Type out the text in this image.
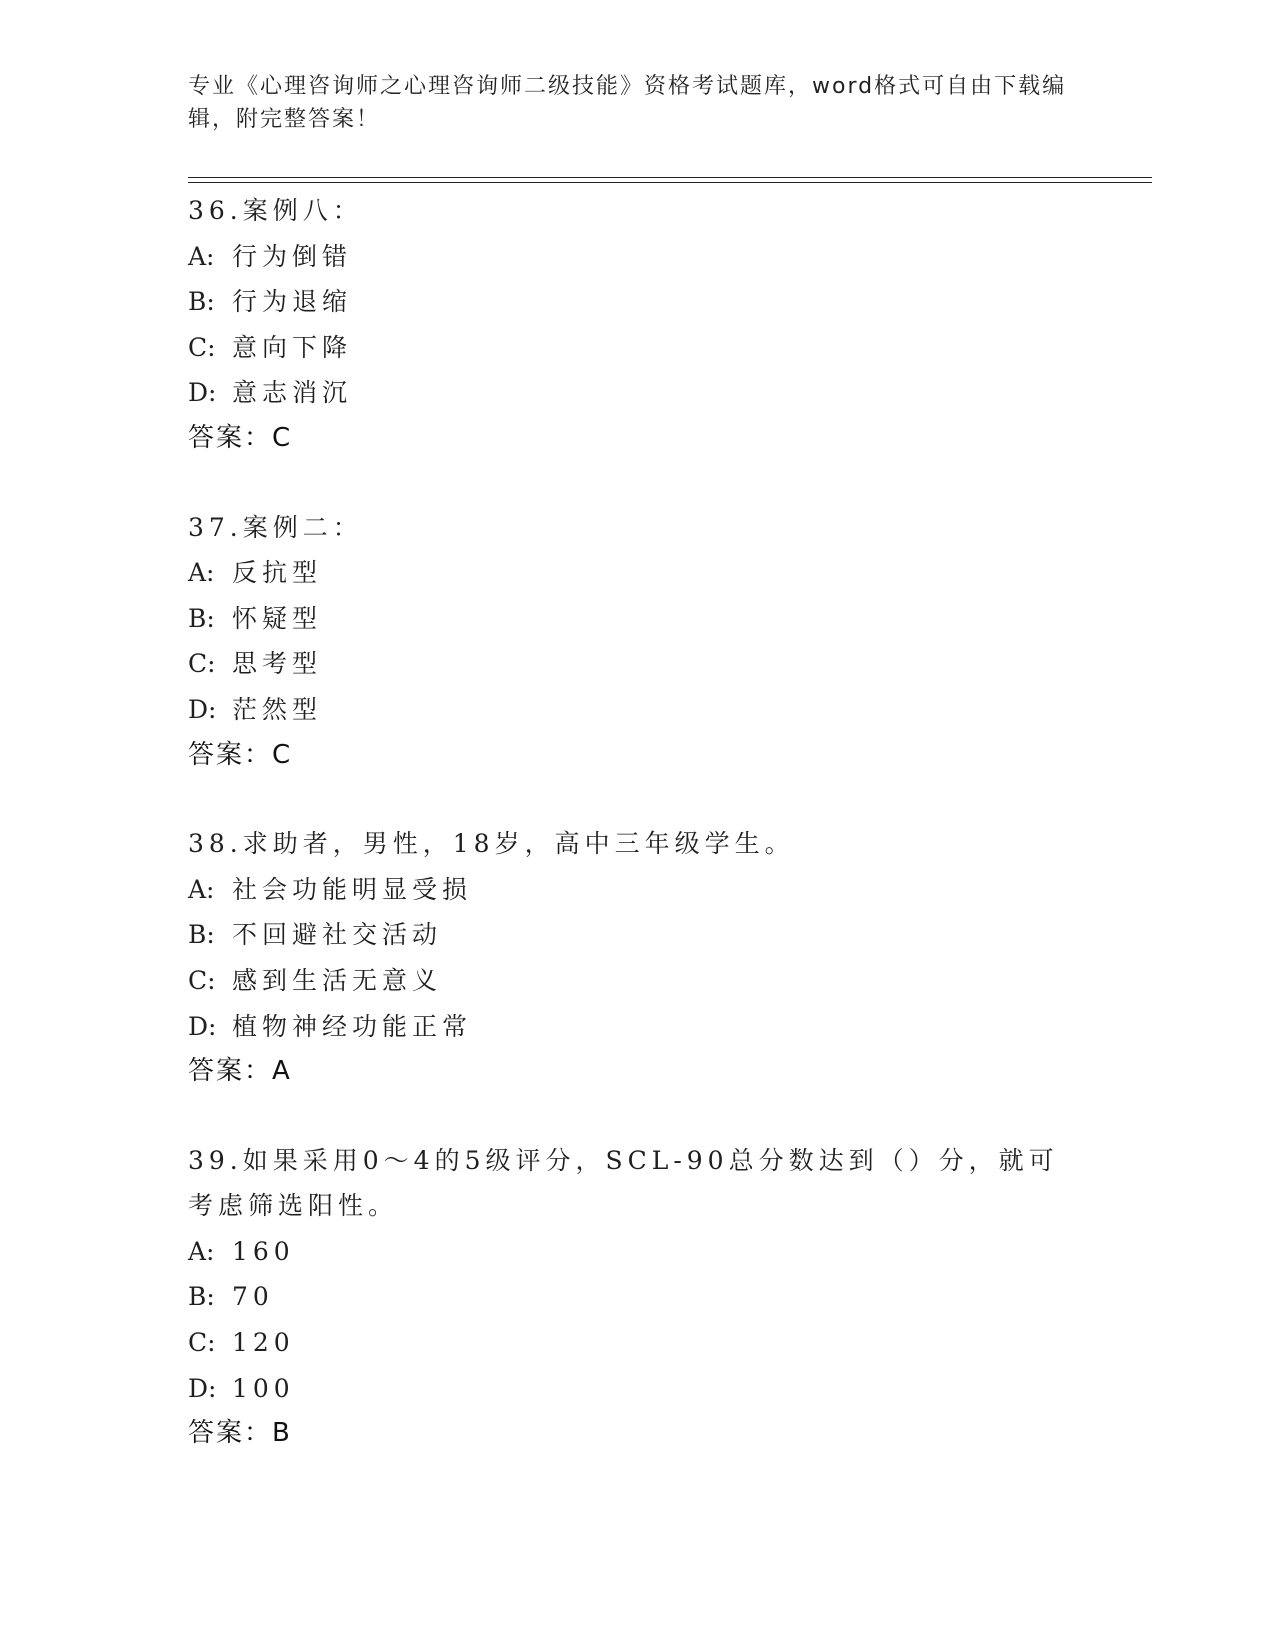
专业《心理咨询师之心理咨询师二级技能》资格考试题库，word格式可自由下载编辑，附完整答案！
36.案例八：
A: 行为倒错
B: 行为退缩
C: 意向下降
D: 意志消沉
答案：C
37.案例二：
A: 反抗型
B: 怀疑型
C: 思考型
D: 茫然型
答案：C
38.求助者，男性，18岁，高中三年级学生。
A: 社会功能明显受损
B: 不回避社交活动
C: 感到生活无意义
D: 植物神经功能正常
答案：A
39.如果采用0～4的5级评分，SCL-90总分数达到（）分，就可考虑筛选阳性。
A: 160
B: 70
C: 120
D: 100
答案：B
